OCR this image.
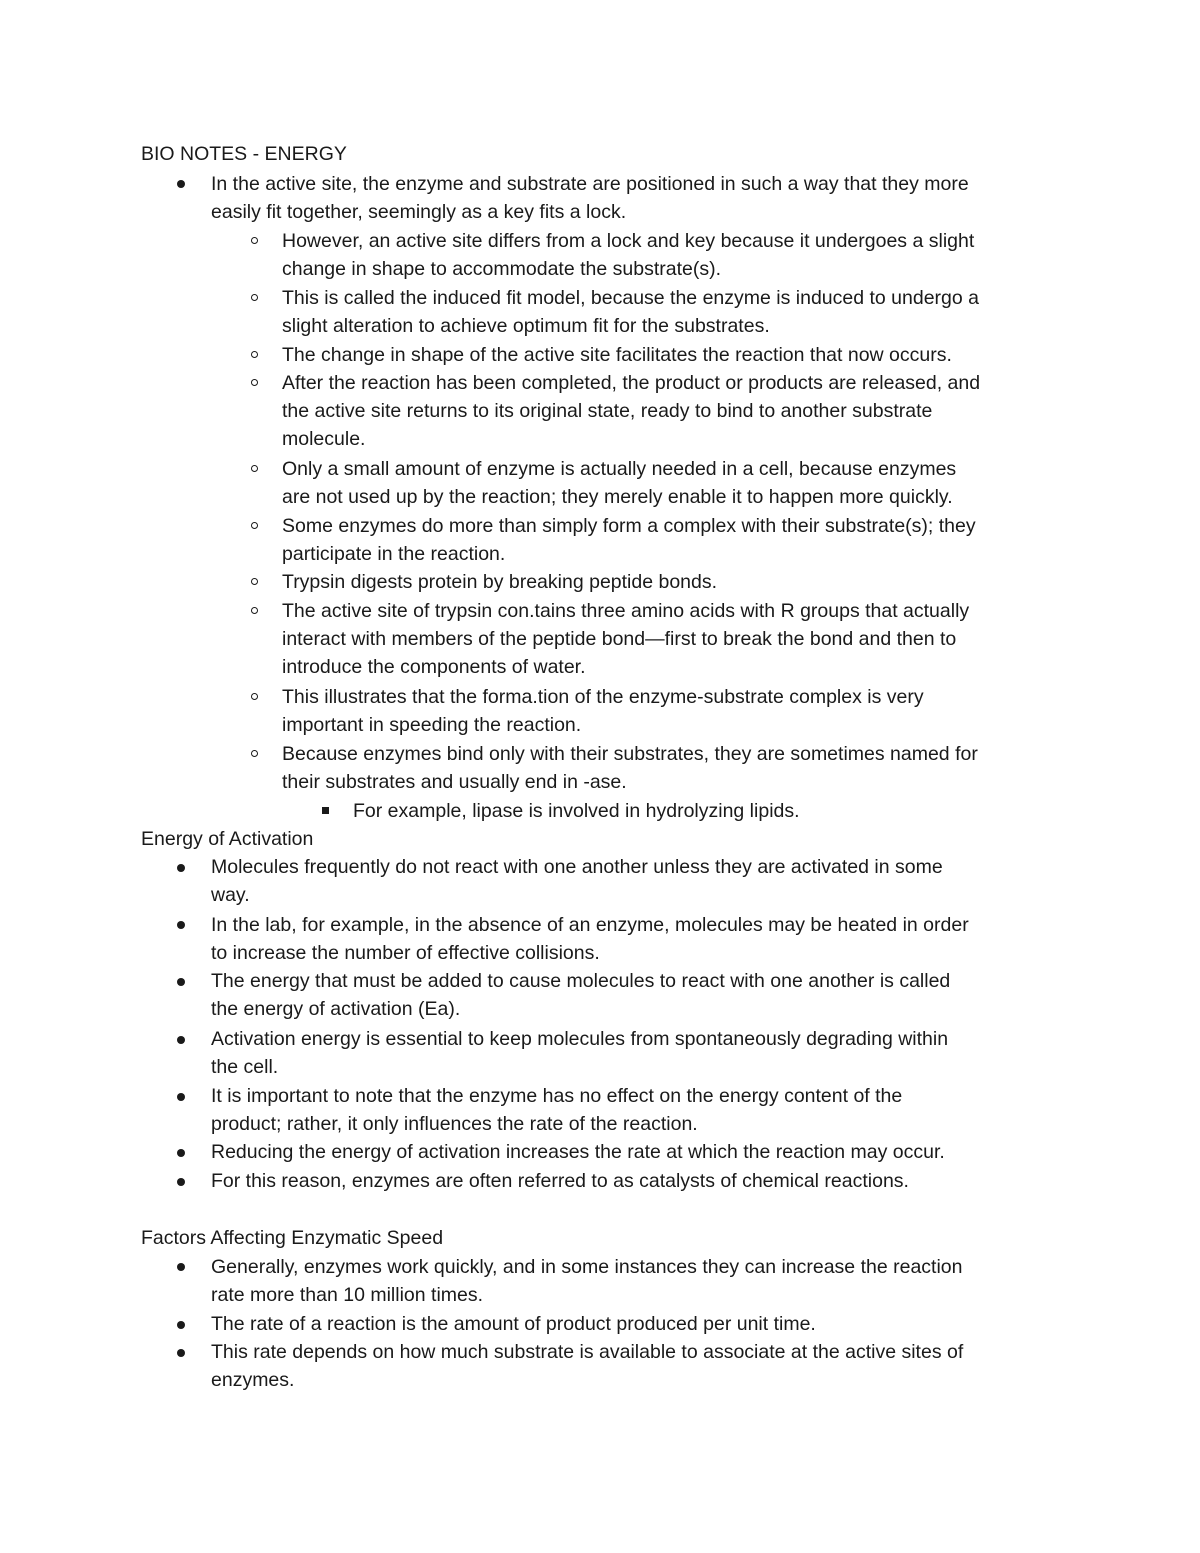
BIO NOTES - ENERGY
In the active site, the enzyme and substrate are positioned in such a way that they more
easily fit together, seemingly as a key fits a lock.
However, an active site differs from a lock and key because it undergoes a slight
change in shape to accommodate the substrate(s).
This is called the induced fit model, because the enzyme is induced to undergo a
slight alteration to achieve optimum fit for the substrates.
The change in shape of the active site facilitates the reaction that now occurs.
After the reaction has been completed, the product or products are released, and
the active site returns to its original state, ready to bind to another substrate
molecule.
Only a small amount of enzyme is actually needed in a cell, because enzymes
are not used up by the reaction; they merely enable it to happen more quickly.
Some enzymes do more than simply form a complex with their substrate(s); they
participate in the reaction.
Trypsin digests protein by breaking peptide bonds.
The active site of trypsin con.tains three amino acids with R groups that actually
interact with members of the peptide bond—first to break the bond and then to
introduce the components of water.
This illustrates that the forma.tion of the enzyme-substrate complex is very
important in speeding the reaction.
Because enzymes bind only with their substrates, they are sometimes named for
their substrates and usually end in -ase.
For example, lipase is involved in hydrolyzing lipids.
Energy of Activation
Molecules frequently do not react with one another unless they are activated in some
way.
In the lab, for example, in the absence of an enzyme, molecules may be heated in order
to increase the number of effective collisions.
The energy that must be added to cause molecules to react with one another is called
the energy of activation (Ea).
Activation energy is essential to keep molecules from spontaneously degrading within
the cell.
It is important to note that the enzyme has no effect on the energy content of the
product; rather, it only influences the rate of the reaction.
Reducing the energy of activation increases the rate at which the reaction may occur.
For this reason, enzymes are often referred to as catalysts of chemical reactions.
Factors Affecting Enzymatic Speed
Generally, enzymes work quickly, and in some instances they can increase the reaction
rate more than 10 million times.
The rate of a reaction is the amount of product produced per unit time.
This rate depends on how much substrate is available to associate at the active sites of
enzymes.
